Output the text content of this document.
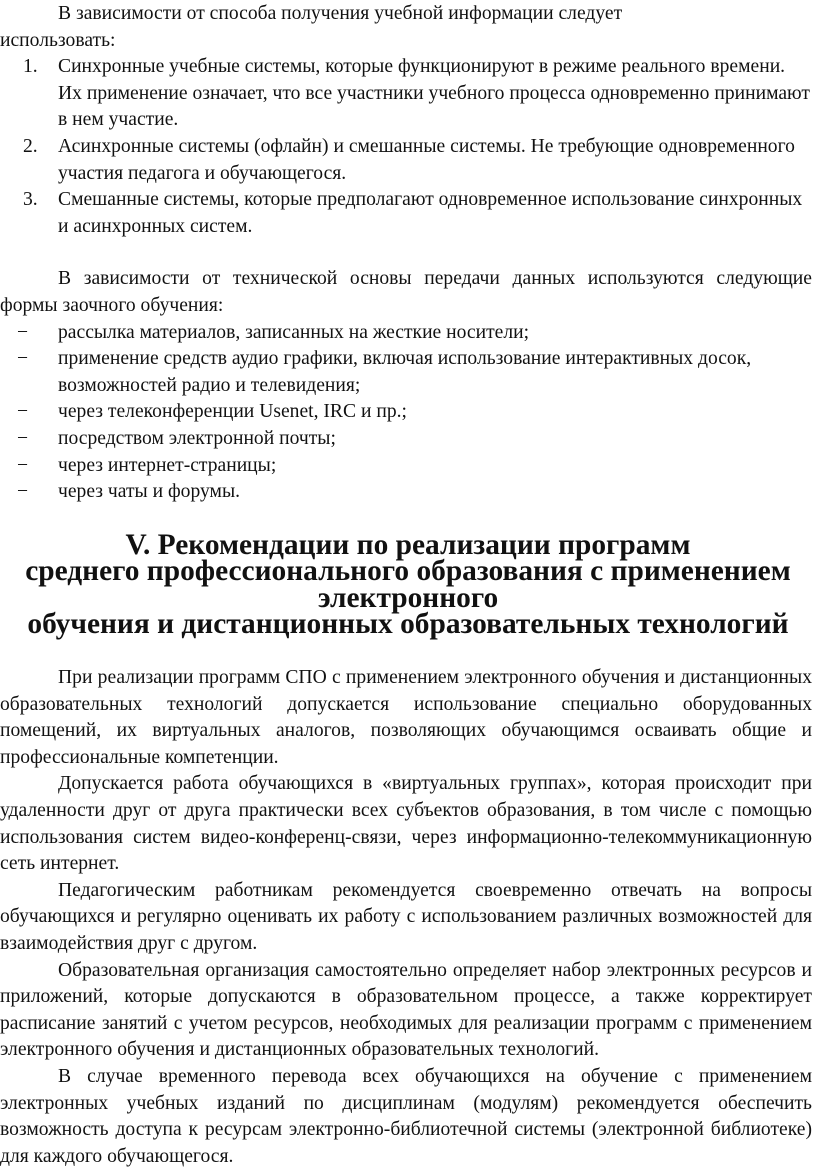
В зависимости от способа получения учебной информации следует
использовать:

1. Синхронные учебные системы, которые функционируют в режиме реального времени. Их применение означает, что все участники учебного процесса одновременно принимают в нем участие.
2. Асинхронные системы (офлайн) и смешанные системы. Не требующие одновременного участия педагога и обучающегося.
3. Смешанные системы, которые предполагают одновременное использование синхронных и асинхронных систем.

В зависимости от технической основы передачи данных используются следующие формы заочного обучения:

− рассылка материалов, записанных на жесткие носители;
− применение средств аудио графики, включая использование интерактивных досок, возможностей радио и телевидения;
− через телеконференции Usenet, IRC и пр.;
− посредством электронной почты;
− через интернет-страницы;
− через чаты и форумы.
V. Рекомендации по реализации программ
среднего профессионального образования с применением электронного
обучения и дистанционных образовательных технологий

При реализации программ СПО с применением электронного обучения и дистанционных образовательных технологий допускается использование специально оборудованных помещений, их виртуальных аналогов, позволяющих обучающимся осваивать общие и профессиональные компетенции.

Допускается работа обучающихся в «виртуальных группах», которая происходит при удаленности друг от друга практически всех субъектов образования, в том числе с помощью использования систем видео-конференц-связи, через информационно-телекоммуникационную сеть интернет.

Педагогическим работникам рекомендуется своевременно отвечать на вопросы обучающихся и регулярно оценивать их работу с использованием различных возможностей для взаимодействия друг с другом.

Образовательная организация самостоятельно определяет набор электронных ресурсов и приложений, которые допускаются в образовательном процессе, а также корректирует расписание занятий с учетом ресурсов, необходимых для реализации программ с применением электронного обучения и дистанционных образовательных технологий.

В случае временного перевода всех обучающихся на обучение с применением электронных учебных изданий по дисциплинам (модулям) рекомендуется обеспечить возможность доступа к ресурсам электронно-библиотечной системы (электронной библиотеке) для каждого обучающегося.
